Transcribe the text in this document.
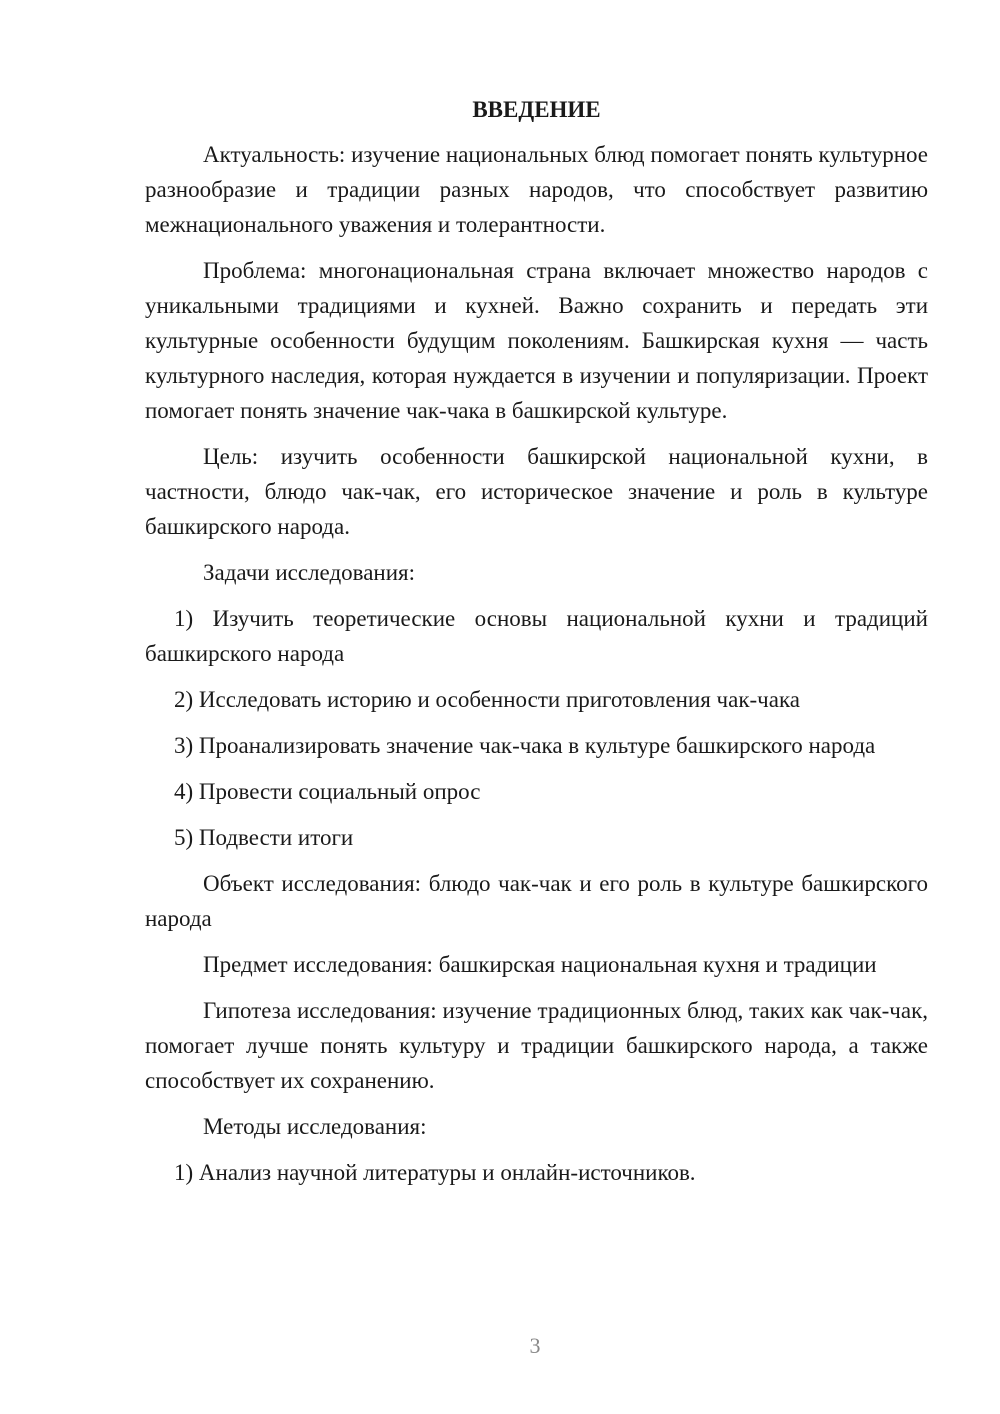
ВВЕДЕНИЕ

Актуальность: изучение национальных блюд помогает понять культурное разнообразие и традиции разных народов, что способствует развитию межнационального уважения и толерантности.

Проблема: многонациональная страна включает множество народов с уникальными традициями и кухней. Важно сохранить и передать эти культурные особенности будущим поколениям. Башкирская кухня — часть культурного наследия, которая нуждается в изучении и популяризации. Проект помогает понять значение чак-чака в башкирской культуре.

Цель: изучить особенности башкирской национальной кухни, в частности, блюдо чак-чак, его историческое значение и роль в культуре башкирского народа.

Задачи исследования:

1) Изучить теоретические основы национальной кухни и традиций башкирского народа

2) Исследовать историю и особенности приготовления чак-чака

3) Проанализировать значение чак-чака в культуре башкирского народа

4) Провести социальный опрос

5) Подвести итоги

Объект исследования: блюдо чак-чак и его роль в культуре башкирского народа

Предмет исследования: башкирская национальная кухня и традиции

Гипотеза исследования: изучение традиционных блюд, таких как чак-чак, помогает лучше понять культуру и традиции башкирского народа, а также способствует их сохранению.

Методы исследования:

1) Анализ научной литературы и онлайн-источников.

3
